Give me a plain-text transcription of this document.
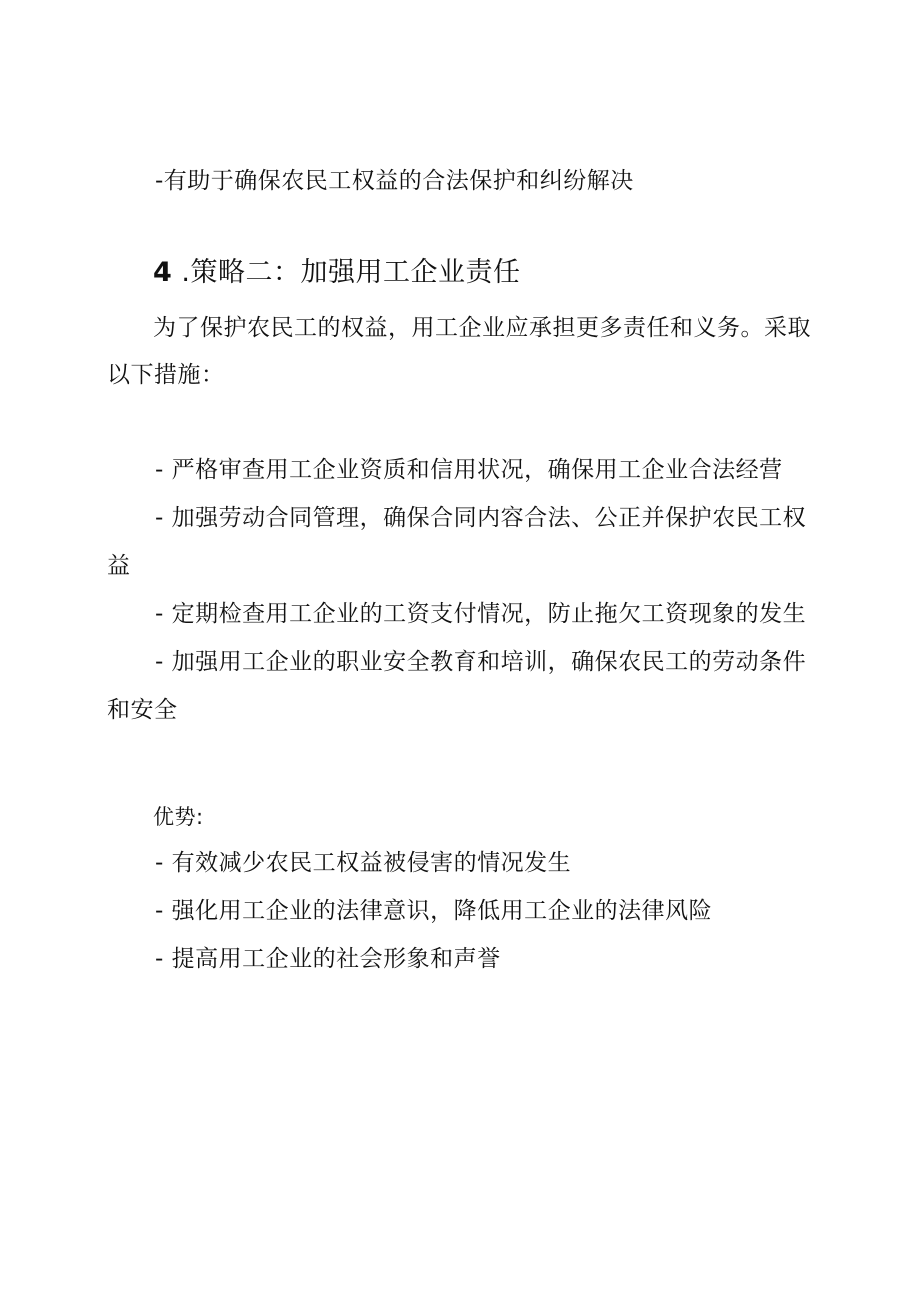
-有助于确保农民工权益的合法保护和纠纷解决

4 .策略二：加强用工企业责任

为了保护农民工的权益，用工企业应承担更多责任和义务。采取

以下措施：

- 严格审查用工企业资质和信用状况，确保用工企业合法经营

- 加强劳动合同管理，确保合同内容合法、公正并保护农民工权

益

- 定期检查用工企业的工资支付情况，防止拖欠工资现象的发生

- 加强用工企业的职业安全教育和培训，确保农民工的劳动条件

和安全

优势:

- 有效减少农民工权益被侵害的情况发生

- 强化用工企业的法律意识，降低用工企业的法律风险

- 提高用工企业的社会形象和声誉
